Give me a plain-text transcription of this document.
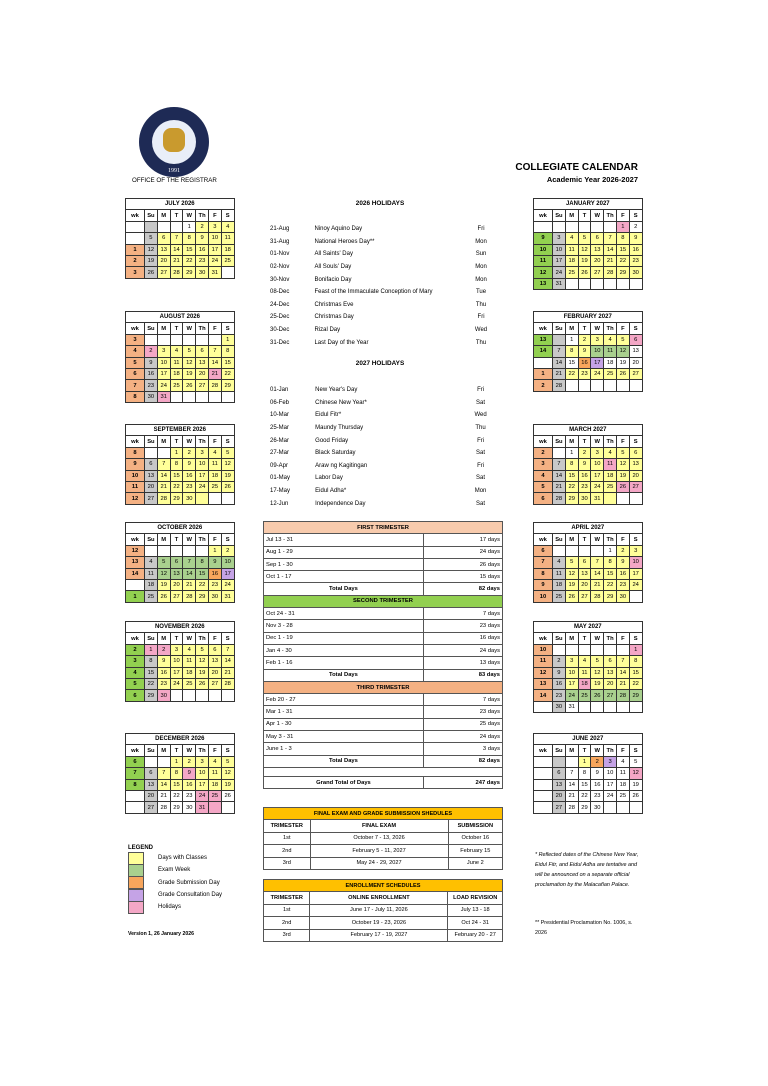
1991
OFFICE OF THE REGISTRAR
COLLEGIATE CALENDAR
Academic Year 2026-2027
JULY 2026							
wk	Su	M	T	W	Th	F	S
				1	2	3	4
	5	6	7	8	9	10	11
1	12	13	14	15	16	17	18
2	19	20	21	22	23	24	25
3	26	27	28	29	30	31	
AUGUST 2026							
wk	Su	M	T	W	Th	F	S
3							1
4	2	3	4	5	6	7	8
5	9	10	11	12	13	14	15
6	16	17	18	19	20	21	22
7	23	24	25	26	27	28	29
8	30	31					
SEPTEMBER 2026							
wk	Su	M	T	W	Th	F	S
8			1	2	3	4	5
9	6	7	8	9	10	11	12
10	13	14	15	16	17	18	19
11	20	21	22	23	24	25	26
12	27	28	29	30			
OCTOBER 2026							
wk	Su	M	T	W	Th	F	S
12						1	2
13	4	5	6	7	8	9	10
14	11	12	13	14	15	16	17
	18	19	20	21	22	23	24
1	25	26	27	28	29	30	31
NOVEMBER 2026							
wk	Su	M	T	W	Th	F	S
2	1	2	3	4	5	6	7
3	8	9	10	11	12	13	14
4	15	16	17	18	19	20	21
5	22	23	24	25	26	27	28
6	29	30					
DECEMBER 2026							
wk	Su	M	T	W	Th	F	S
6			1	2	3	4	5
7	6	7	8	9	10	11	12
8	13	14	15	16	17	18	19
	20	21	22	23	24	25	26
	27	28	29	30	31		
JANUARY 2027							
wk	Su	M	T	W	Th	F	S
						1	2
9	3	4	5	6	7	8	9
10	10	11	12	13	14	15	16
11	17	18	19	20	21	22	23
12	24	25	26	27	28	29	30
13	31						
FEBRUARY 2027							
wk	Su	M	T	W	Th	F	S
13		1	2	3	4	5	6
14	7	8	9	10	11	12	13
	14	15	16	17	18	19	20
1	21	22	23	24	25	26	27
2	28						
MARCH 2027							
wk	Su	M	T	W	Th	F	S
2		1	2	3	4	5	6
3	7	8	9	10	11	12	13
4	14	15	16	17	18	19	20
5	21	22	23	24	25	26	27
6	28	29	30	31			
APRIL 2027							
wk	Su	M	T	W	Th	F	S
6					1	2	3
7	4	5	6	7	8	9	10
8	11	12	13	14	15	16	17
9	18	19	20	21	22	23	24
10	25	26	27	28	29	30	
MAY 2027							
wk	Su	M	T	W	Th	F	S
10							1
11	2	3	4	5	6	7	8
12	9	10	11	12	13	14	15
13	16	17	18	19	20	21	22
14	23	24	25	26	27	28	29
	30	31					
JUNE 2027							
wk	Su	M	T	W	Th	F	S
			1	2	3	4	5
	6	7	8	9	10	11	12
	13	14	15	16	17	18	19
	20	21	22	23	24	25	26
	27	28	29	30			
2026 HOLIDAYS
21-Aug	Ninoy Aquino Day	Fri
31-Aug	National Heroes Day**	Mon
01-Nov	All Saints' Day	Sun
02-Nov	All Souls' Day	Mon
30-Nov	Bonifacio Day	Mon
08-Dec	Feast of the Immaculate Conception of Mary	Tue
24-Dec	Christmas Eve	Thu
25-Dec	Christmas Day	Fri
30-Dec	Rizal Day	Wed
31-Dec	Last Day of the Year	Thu
2027 HOLIDAYS
01-Jan	New Year's Day	Fri
06-Feb	Chinese New Year*	Sat
10-Mar	Eidul Fitr*	Wed
25-Mar	Maundy Thursday	Thu
26-Mar	Good Friday	Fri
27-Mar	Black Saturday	Sat
09-Apr	Araw ng Kagitingan	Fri
01-May	Labor Day	Sat
17-May	Eidul Adha*	Mon
12-Jun	Independence Day	Sat
FIRST TRIMESTER	
Jul 13 - 31	17 days
Aug 1 - 29	24 days
Sep 1 - 30	26 days
Oct 1 - 17	15 days
Total Days	82 days
SECOND TRIMESTER	
Oct 24 - 31	7 days
Nov 3 - 28	23 days
Dec 1 - 19	16 days
Jan 4 - 30	24 days
Feb 1 - 16	13 days
Total Days	83 days
THIRD TRIMESTER	
Feb 20 - 27	7 days
Mar 1 - 31	23 days
Apr 1 - 30	25 days
May 3 - 31	24 days
June 1 - 3	3 days
Total Days	82 days

Grand Total of Days	247 days
FINAL EXAM AND GRADE SUBMISSION SHEDULES		
TRIMESTER	FINAL EXAM	SUBMISSION
1st	October 7 - 13, 2026	October 16
2nd	February 5 - 11, 2027	February 15
3rd	May 24 - 29, 2027	June 2
ENROLLMENT SCHEDULES		
TRIMESTER	ONLINE ENROLLMENT	LOAD REVISION
1st	June 17 - July 11, 2026	July 13 - 18
2nd	October 19 - 23, 2026	Oct 24 - 31
3rd	February 17 - 19, 2027	February 20 - 27
LEGEND
Days with Classes
Exam Week
Grade Submission Day
Grade Consultation Day
Holidays
* Reflected dates of the Chinese New Year, Eidul Fitr, and Eidul Adha are tentative and will be announced on a separate official proclamation by the Malacañan Palace.
** Presidential Proclamation No. 1006, s. 2026
Version 1, 26 January 2026
